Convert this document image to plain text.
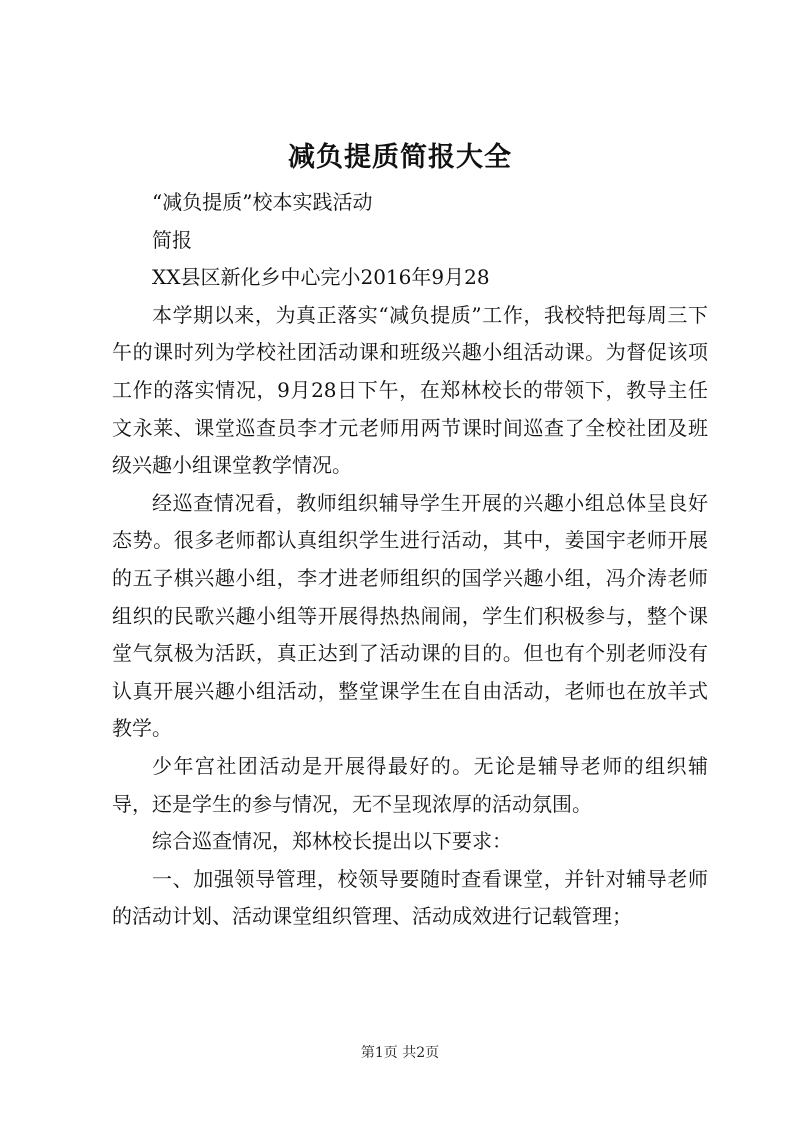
减负提质简报大全

“减负提质”校本实践活动

简报

XX县区新化乡中心完小2016年9月28

本学期以来，为真正落实“减负提质”工作，我校特把每周三下午的课时列为学校社团活动课和班级兴趣小组活动课。为督促该项工作的落实情况，9月28日下午，在郑林校长的带领下，教导主任文永莱、课堂巡查员李才元老师用两节课时间巡查了全校社团及班级兴趣小组课堂教学情况。

经巡查情况看，教师组织辅导学生开展的兴趣小组总体呈良好态势。很多老师都认真组织学生进行活动，其中，姜国宇老师开展的五子棋兴趣小组，李才进老师组织的国学兴趣小组，冯介涛老师组织的民歌兴趣小组等开展得热热闹闹，学生们积极参与，整个课堂气氛极为活跃，真正达到了活动课的目的。但也有个别老师没有认真开展兴趣小组活动，整堂课学生在自由活动，老师也在放羊式教学。

少年宫社团活动是开展得最好的。无论是辅导老师的组织辅导，还是学生的参与情况，无不呈现浓厚的活动氛围。

综合巡查情况，郑林校长提出以下要求：

一、加强领导管理，校领导要随时查看课堂，并针对辅导老师的活动计划、活动课堂组织管理、活动成效进行记载管理；

第1页 共2页
